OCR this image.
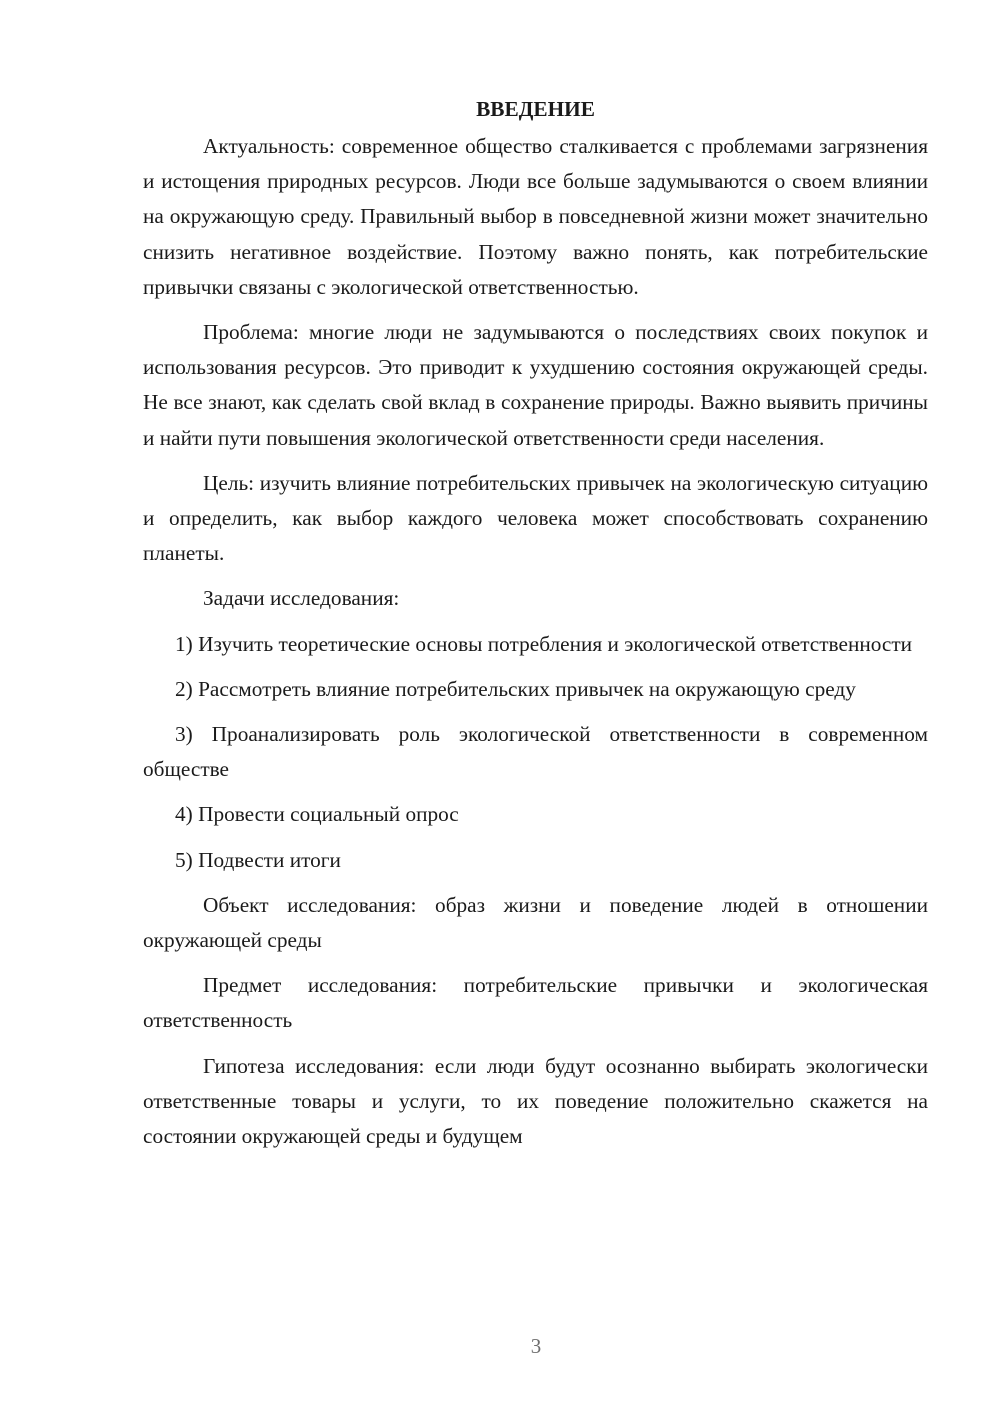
ВВЕДЕНИЕ

Актуальность: современное общество сталкивается с проблемами загрязнения и истощения природных ресурсов. Люди все больше задумываются о своем влиянии на окружающую среду. Правильный выбор в повседневной жизни может значительно снизить негативное воздействие. Поэтому важно понять, как потребительские привычки связаны с экологической ответственностью.

Проблема: многие люди не задумываются о последствиях своих покупок и использования ресурсов. Это приводит к ухудшению состояния окружающей среды. Не все знают, как сделать свой вклад в сохранение природы. Важно выявить причины и найти пути повышения экологической ответственности среди населения.

Цель: изучить влияние потребительских привычек на экологическую ситуацию и определить, как выбор каждого человека может способствовать сохранению планеты.

Задачи исследования:

1) Изучить теоретические основы потребления и экологической ответственности

2) Рассмотреть влияние потребительских привычек на окружающую среду

3) Проанализировать роль экологической ответственности в современном обществе

4) Провести социальный опрос

5) Подвести итоги

Объект исследования: образ жизни и поведение людей в отношении окружающей среды

Предмет исследования: потребительские привычки и экологическая ответственность

Гипотеза исследования: если люди будут осознанно выбирать экологически ответственные товары и услуги, то их поведение положительно скажется на состоянии окружающей среды и будущем

3
